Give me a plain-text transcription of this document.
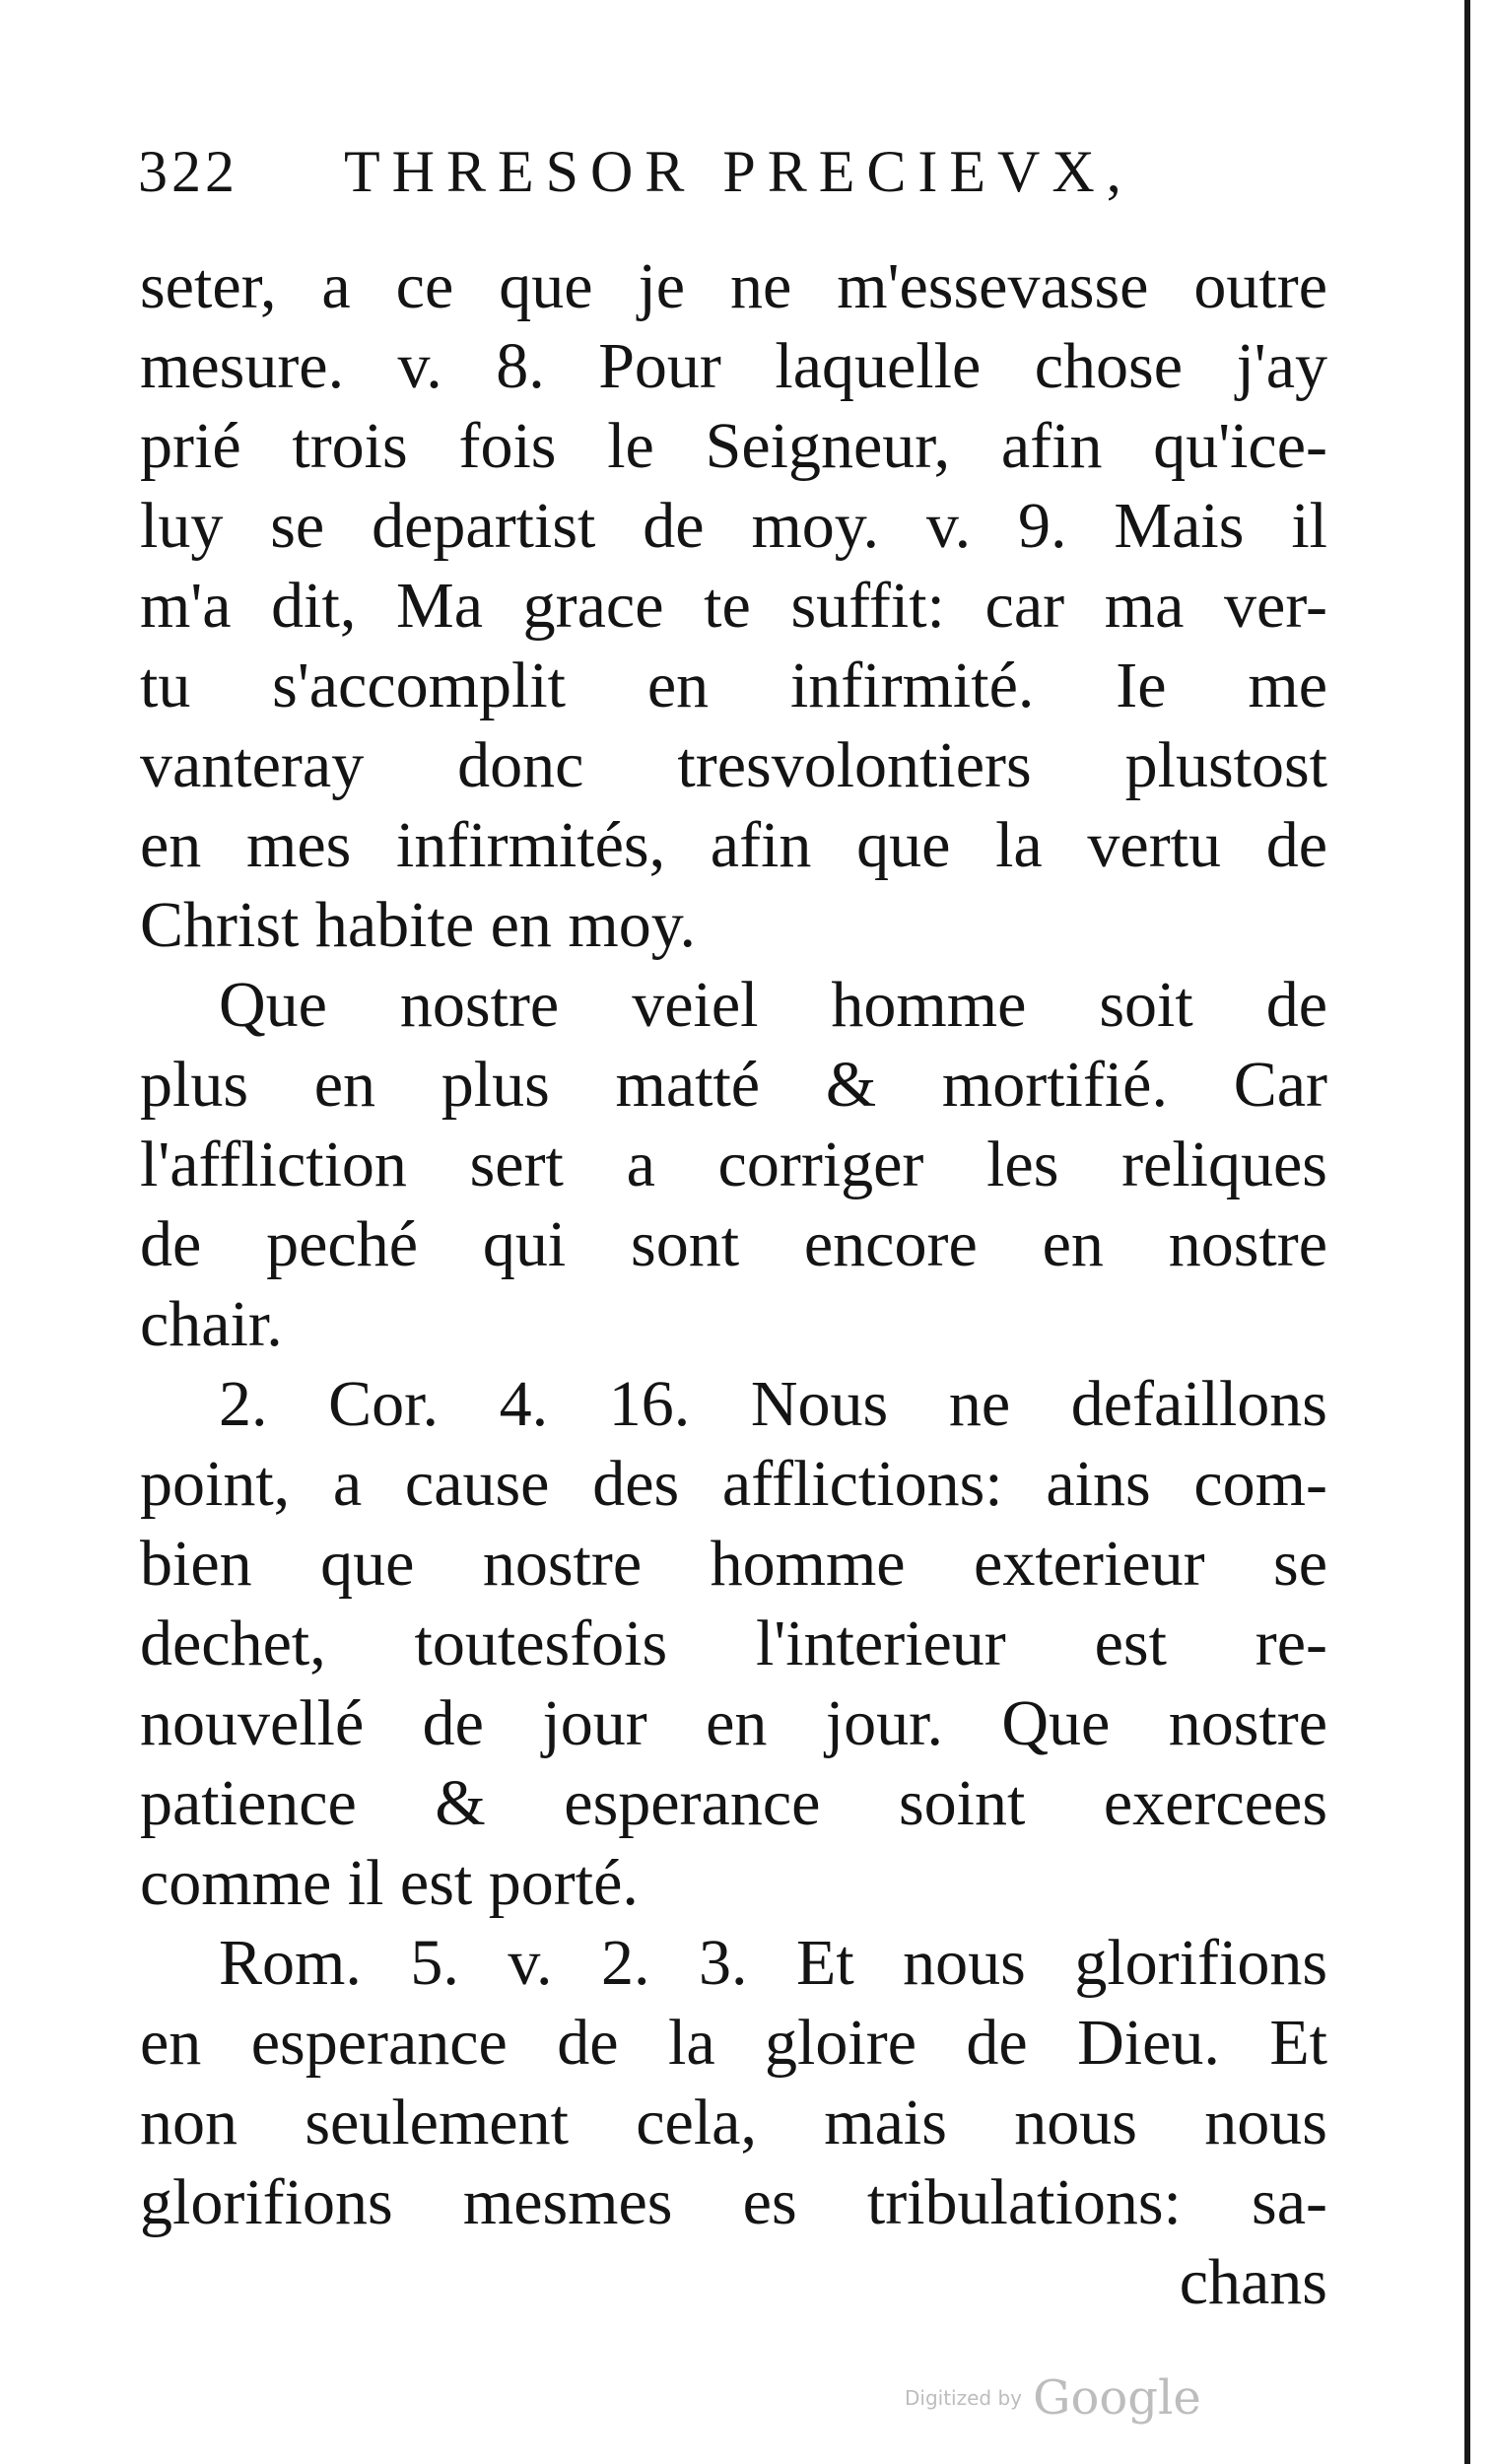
322 THRESOR PRECIEVX,
seter, a ce que je ne m'essevasse outre
mesure. v. 8. Pour laquelle chose j'ay
prié trois fois le Seigneur, afin qu'ice-
luy se departist de moy. v. 9. Mais il
m'a dit, Ma grace te suffit: car ma ver-
tu s'accomplit en infirmité. Ie me
vanteray donc tresvolontiers plustost
en mes infirmités, afin que la vertu de
Christ habite en moy.
Que nostre veiel homme soit de
plus en plus matté & mortifié. Car
l'affliction sert a corriger les reliques
de peché qui sont encore en nostre
chair.
2. Cor. 4. 16. Nous ne defaillons
point, a cause des afflictions: ains com-
bien que nostre homme exterieur se
dechet, toutesfois l'interieur est re-
nouvellé de jour en jour. Que nostre
patience & esperance soint exercees
comme il est porté.
Rom. 5. v. 2. 3. Et nous glorifions
en esperance de la gloire de Dieu. Et
non seulement cela, mais nous nous
glorifions mesmes es tribulations: sa-
chans
Digitized by Google
